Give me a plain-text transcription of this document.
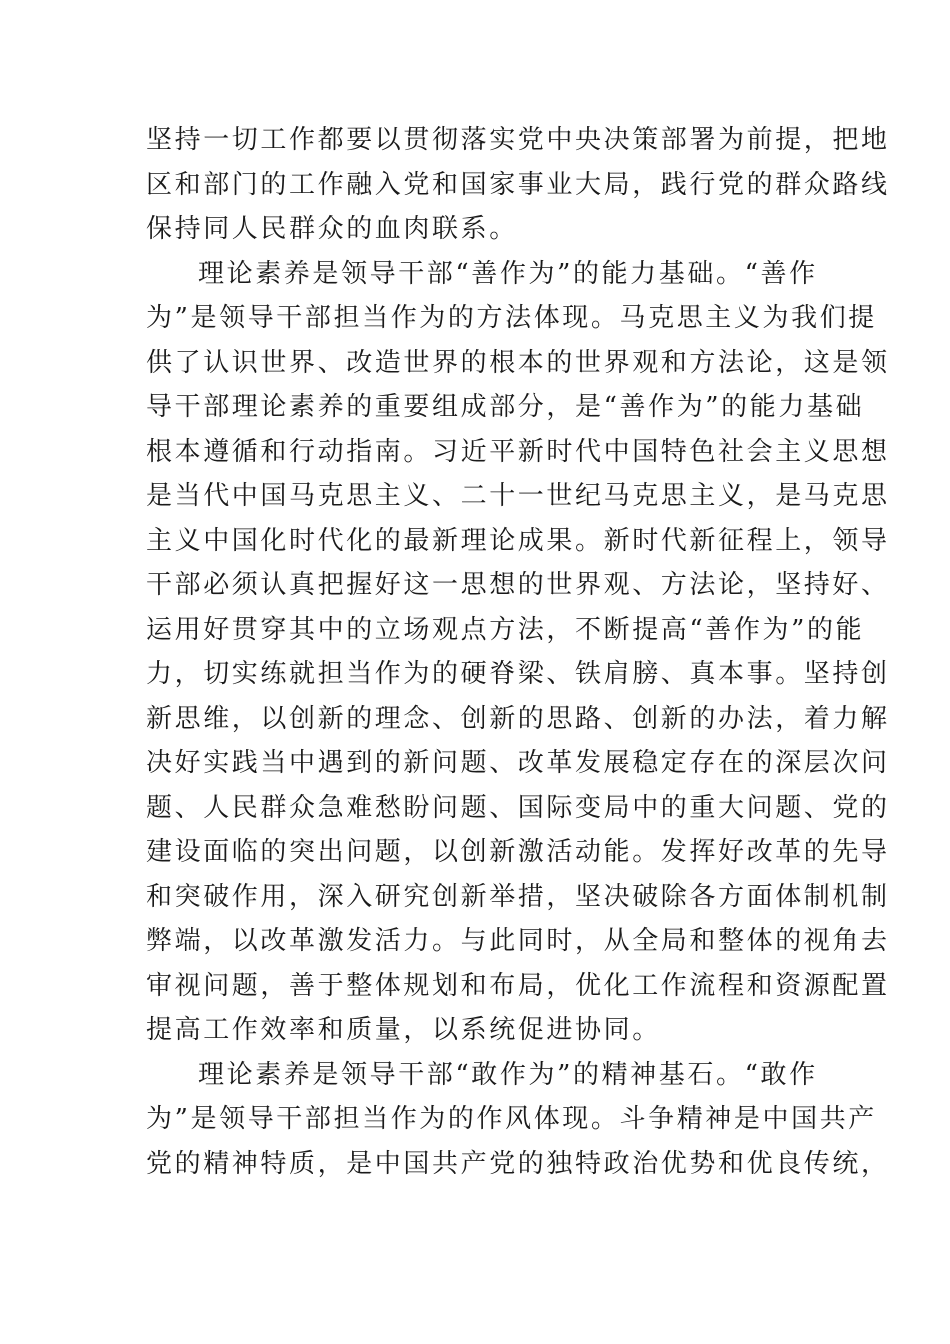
坚持一切工作都要以贯彻落实党中央决策部署为前提，把地
区和部门的工作融入党和国家事业大局，践行党的群众路线
保持同人民群众的血肉联系。
理论素养是领导干部“善作为”的能力基础。“善作
为”是领导干部担当作为的方法体现。马克思主义为我们提
供了认识世界、改造世界的根本的世界观和方法论，这是领
导干部理论素养的重要组成部分，是“善作为”的能力基础
根本遵循和行动指南。习近平新时代中国特色社会主义思想
是当代中国马克思主义、二十一世纪马克思主义，是马克思
主义中国化时代化的最新理论成果。新时代新征程上，领导
干部必须认真把握好这一思想的世界观、方法论，坚持好、
运用好贯穿其中的立场观点方法，不断提高“善作为”的能
力，切实练就担当作为的硬脊梁、铁肩膀、真本事。坚持创
新思维，以创新的理念、创新的思路、创新的办法，着力解
决好实践当中遇到的新问题、改革发展稳定存在的深层次问
题、人民群众急难愁盼问题、国际变局中的重大问题、党的
建设面临的突出问题，以创新激活动能。发挥好改革的先导
和突破作用，深入研究创新举措，坚决破除各方面体制机制
弊端，以改革激发活力。与此同时，从全局和整体的视角去
审视问题，善于整体规划和布局，优化工作流程和资源配置
提高工作效率和质量，以系统促进协同。
理论素养是领导干部“敢作为”的精神基石。“敢作
为”是领导干部担当作为的作风体现。斗争精神是中国共产
党的精神特质，是中国共产党的独特政治优势和优良传统，
